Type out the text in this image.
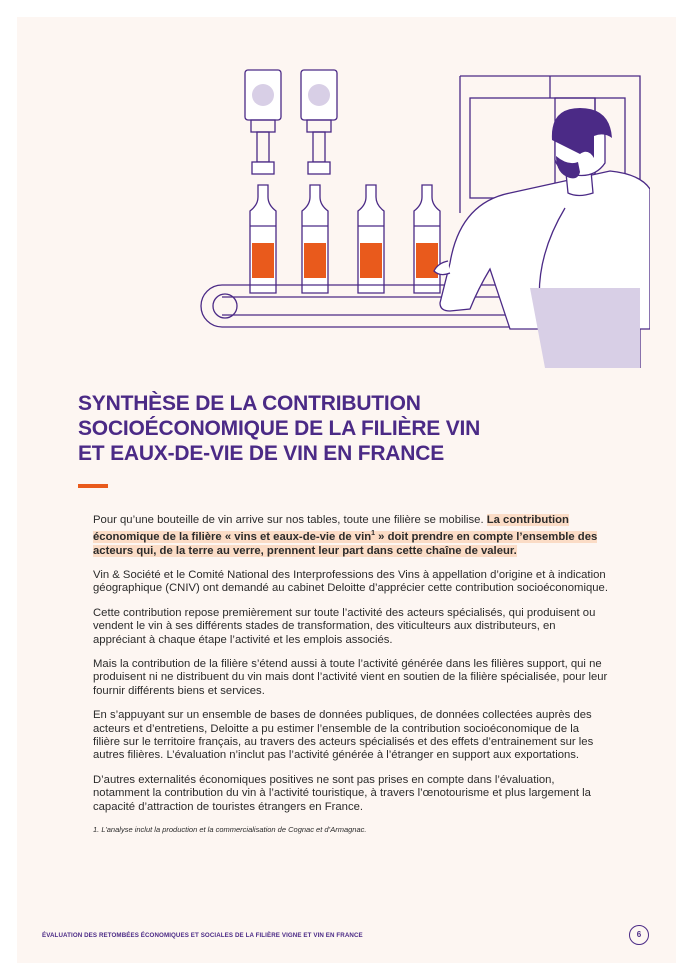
SYNTHÈSE DE LA CONTRIBUTION
SOCIOÉCONOMIQUE DE LA FILIÈRE VIN
ET EAUX-DE-VIE DE VIN EN FRANCE

Pour qu’une bouteille de vin arrive sur nos tables, toute une filière se mobilise. La contribution économique de la filière « vins et eaux-de-vie de vin$^1$ » doit prendre en compte l’ensemble des acteurs qui, de la terre au verre, prennent leur part dans cette chaîne de valeur.

Vin & Société et le Comité National des Interprofessions des Vins à appellation d’origine et à indication géographique (CNIV) ont demandé au cabinet Deloitte d’apprécier cette contribution socioéconomique.

Cette contribution repose premièrement sur toute l’activité des acteurs spécialisés, qui produisent ou vendent le vin à ses différents stades de transformation, des viticulteurs aux distributeurs, en appréciant à chaque étape l’activité et les emplois associés.

Mais la contribution de la filière s’étend aussi à toute l’activité générée dans les filières support, qui ne produisent ni ne distribuent du vin mais dont l’activité vient en soutien de la filière spécialisée, pour leur fournir différents biens et services.

En s’appuyant sur un ensemble de bases de données publiques, de données collectées auprès des acteurs et d’entretiens, Deloitte a pu estimer l’ensemble de la contribution socioéconomique de la filière sur le territoire français, au travers des acteurs spécialisés et des effets d’entrainement sur les autres filières. L’évaluation n’inclut pas l’activité générée à l’étranger en support aux exportations.

D’autres externalités économiques positives ne sont pas prises en compte dans l’évaluation, notamment la contribution du vin à l’activité touristique, à travers l’œnotourisme et plus largement la capacité d’attraction de touristes étrangers en France.

1. L’analyse inclut la production et la commercialisation de Cognac et d’Armagnac.

ÉVALUATION DES RETOMBÉES ÉCONOMIQUES ET SOCIALES DE LA FILIÈRE VIGNE ET VIN EN FRANCE	6
